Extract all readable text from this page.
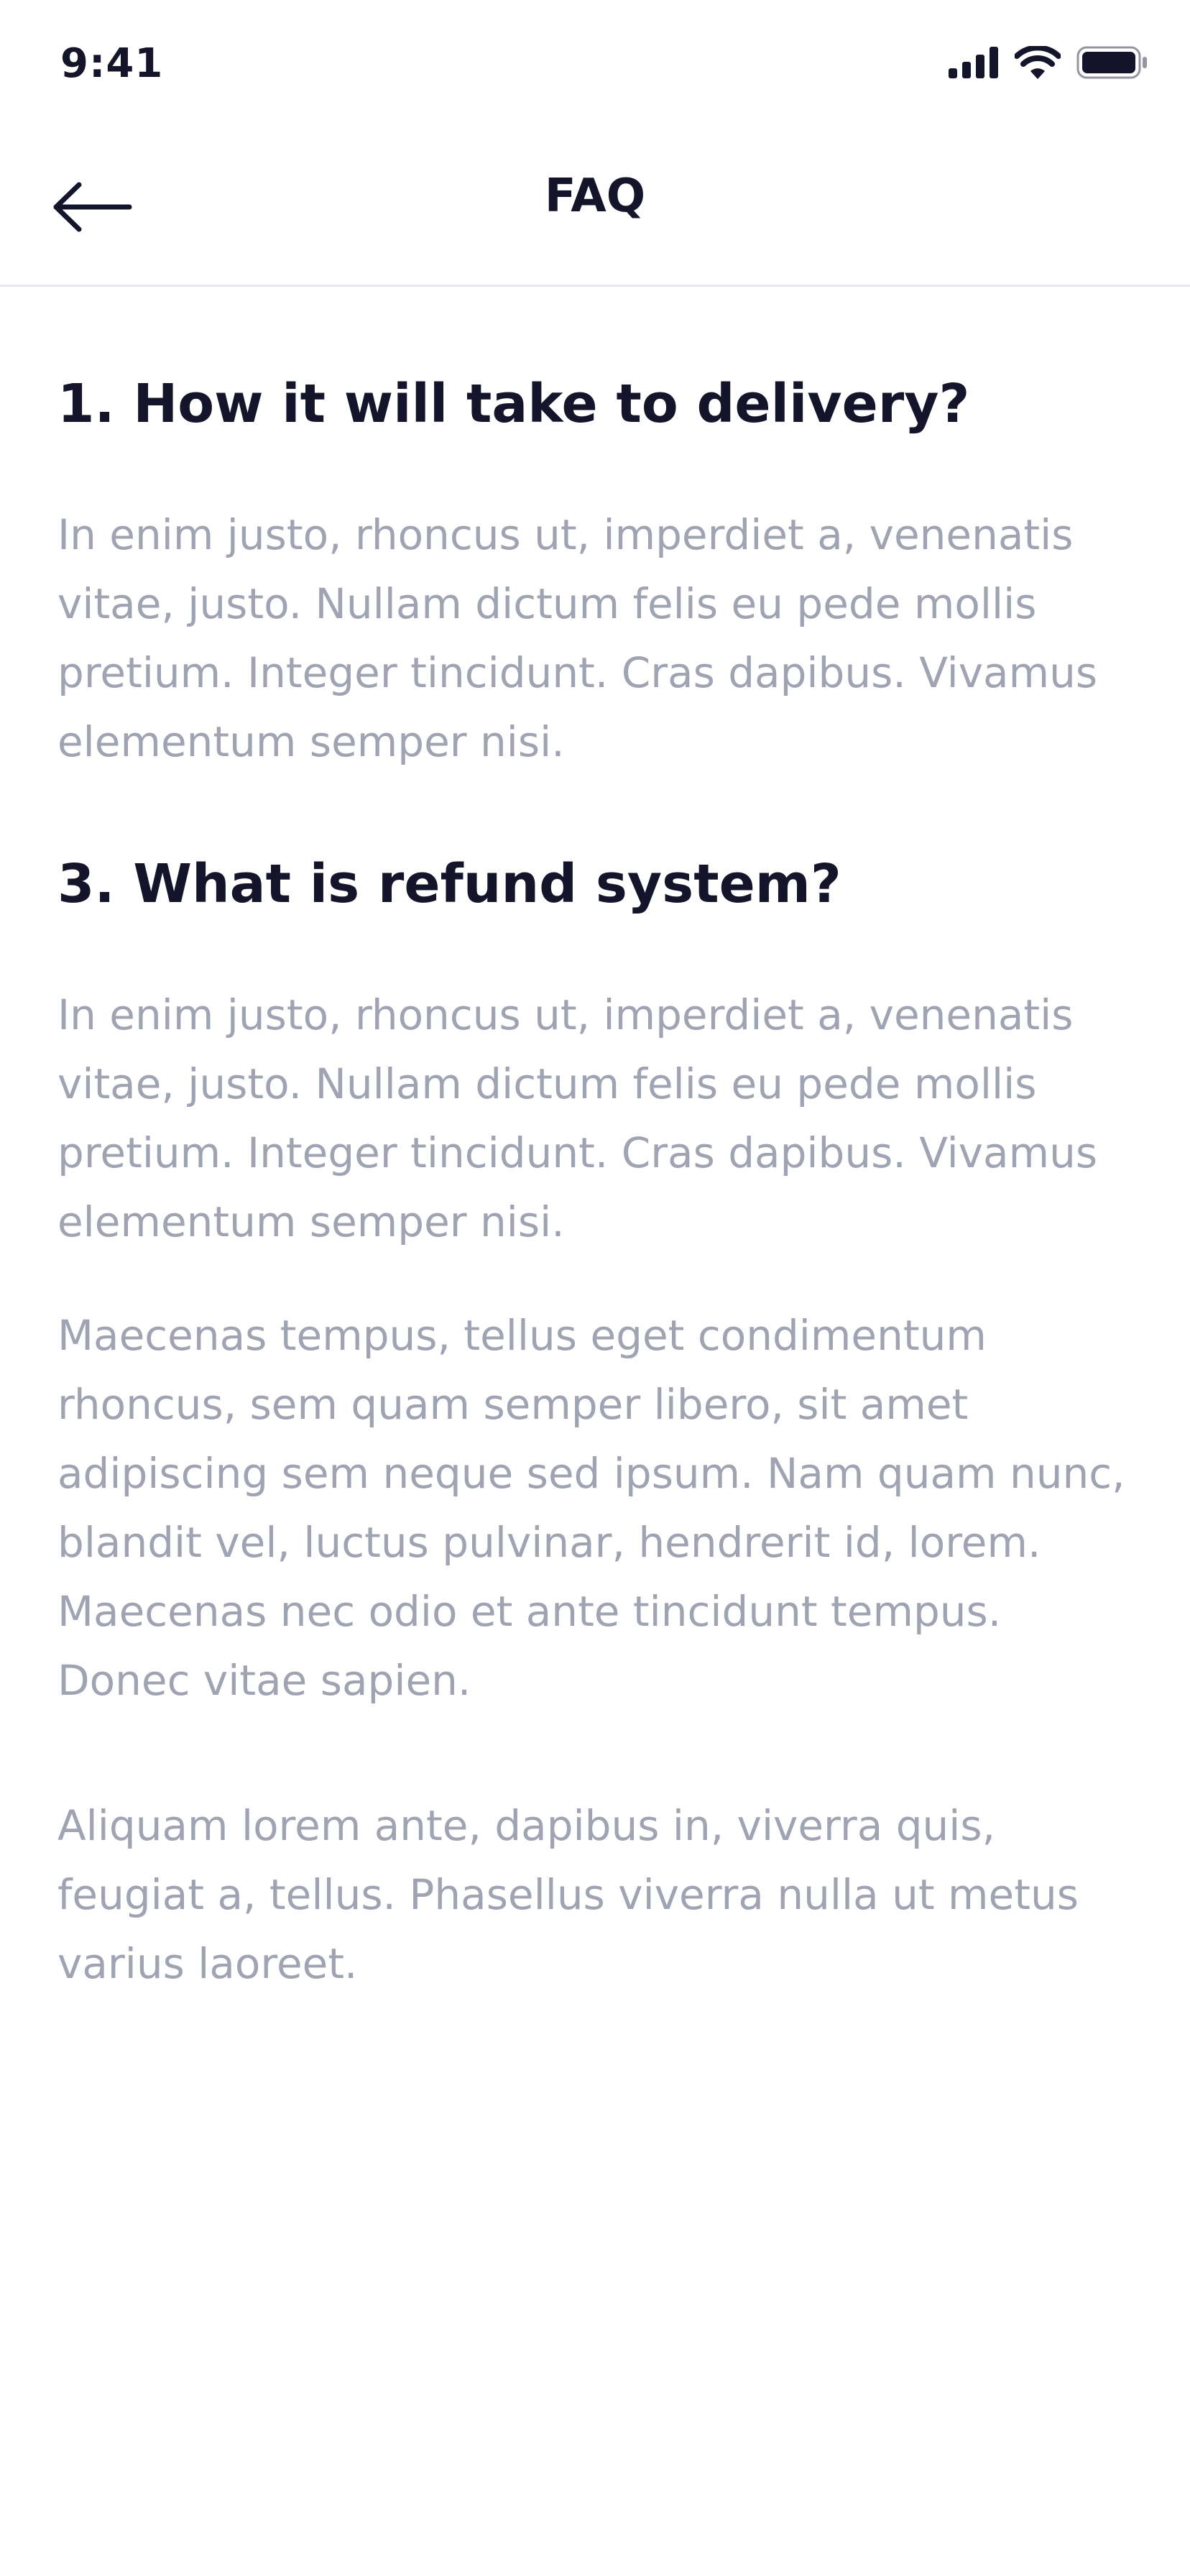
9:41
FAQ
1. How it will take to delivery?

In enim justo, rhoncus ut, imperdiet a, venenatis vitae, justo. Nullam dictum felis eu pede mollis pretium. Integer tincidunt. Cras dapibus. Vivamus elementum semper nisi.

3. What is refund system?

In enim justo, rhoncus ut, imperdiet a, venenatis vitae, justo. Nullam dictum felis eu pede mollis pretium. Integer tincidunt. Cras dapibus. Vivamus elementum semper nisi.

Maecenas tempus, tellus eget condimentum rhoncus, sem quam semper libero, sit amet adipiscing sem neque sed ipsum. Nam quam nunc, blandit vel, luctus pulvinar, hendrerit id, lorem. Maecenas nec odio et ante tincidunt tempus. Donec vitae sapien.

Aliquam lorem ante, dapibus in, viverra quis, feugiat a, tellus. Phasellus viverra nulla ut metus varius laoreet.
